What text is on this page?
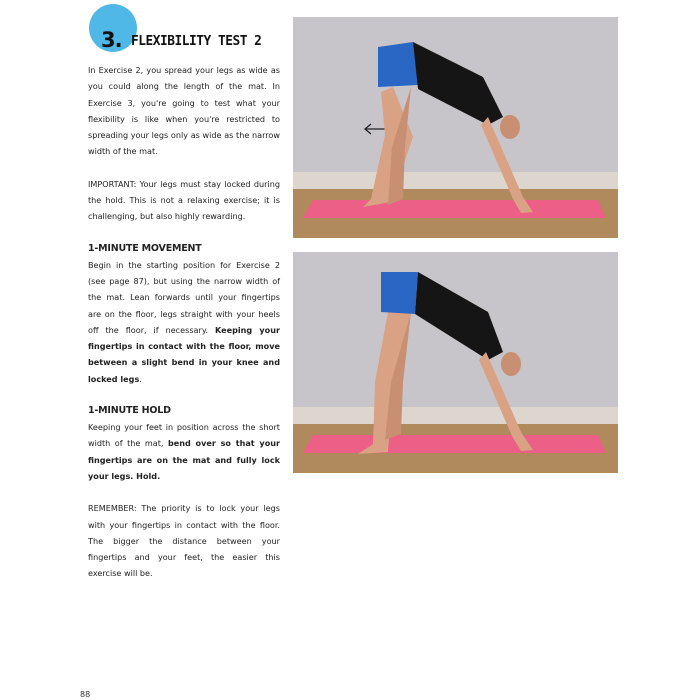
3. FLEXIBILITY TEST 2

In Exercise 2, you spread your legs as wide as you could along the length of the mat. In Exercise 3, you're going to test what your flexibility is like when you're restricted to spreading your legs only as wide as the narrow width of the mat.

IMPORTANT: Your legs must stay locked during the hold. This is not a relaxing exercise; it is challenging, but also highly rewarding.

1-MINUTE MOVEMENT

Begin in the starting position for Exercise 2 (see page 87), but using the narrow width of the mat. Lean forwards until your fingertips are on the floor, legs straight with your heels off the floor, if necessary. Keeping your fingertips in contact with the floor, move between a slight bend in your knee and locked legs.

1-MINUTE HOLD

Keeping your feet in position across the short width of the mat, bend over so that your fingertips are on the mat and fully lock your legs. Hold.

REMEMBER: The priority is to lock your legs with your fingertips in contact with the floor. The bigger the distance between your fingertips and your feet, the easier this exercise will be.

88
